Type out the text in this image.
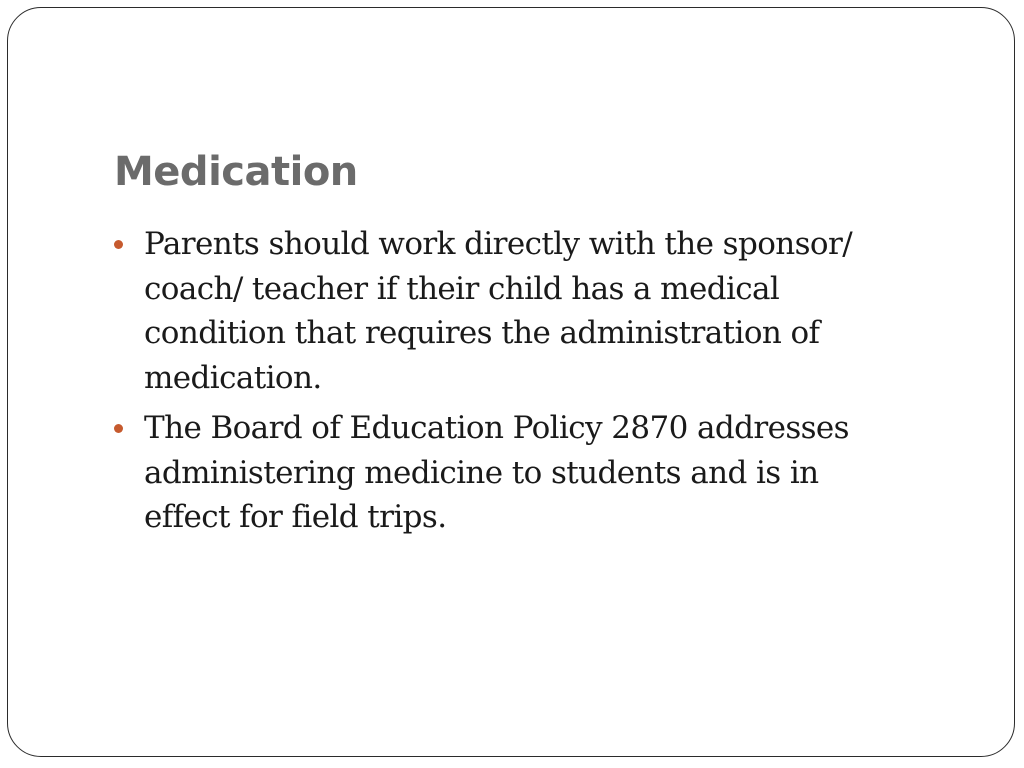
Medication
Parents should work directly with the sponsor/ coach/ teacher if their child has a medical condition that requires the administration of medication.
The Board of Education Policy 2870 addresses administering medicine to students and is in effect for field trips.
